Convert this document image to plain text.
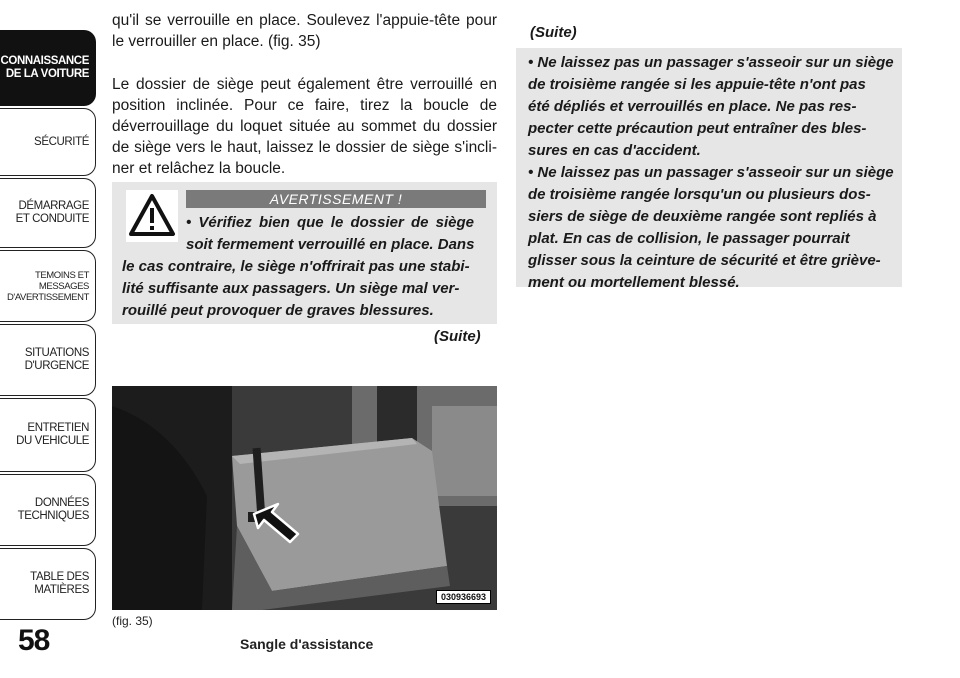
CONNAISSANCE
DE LA VOITURE
SÉCURITÉ
DÉMARRAGE
ET CONDUITE
TEMOINS ET
MESSAGES
D'AVERTISSEMENT
SITUATIONS
D'URGENCE
ENTRETIEN
DU VEHICULE
DONNÉES
TECHNIQUES
TABLE DES
MATIÈRES
58

qu'il se verrouille en place. Soulevez l'appuie-tête pour le verrouiller en place. (fig. 35)

Le dossier de siège peut également être verrouillé en position inclinée. Pour ce faire, tirez la boucle de déverrouillage du loquet située au sommet du dossier de siège vers le haut, laissez le dossier de siège s'incli-ner et relâchez la boucle.

AVERTISSEMENT !

• Vérifiez bien que le dossier de siège

soit fermement verrouillé en place. Dans

le cas contraire, le siège n'offrirait pas une stabi-

lité suffisante aux passagers. Un siège mal ver-

rouillé peut provoquer de graves blessures.

(Suite)
(Suite)

• Ne laissez pas un passager s'asseoir sur un siège

de troisième rangée si les appuie-tête n'ont pas

été dépliés et verrouillés en place. Ne pas res-

pecter cette précaution peut entraîner des bles-

sures en cas d'accident.

• Ne laissez pas un passager s'asseoir sur un siège

de troisième rangée lorsqu'un ou plusieurs dos-

siers de siège de deuxième rangée sont repliés à

plat. En cas de collision, le passager pourrait

glisser sous la ceinture de sécurité et être griève-

ment ou mortellement blessé.

030936693
(fig. 35)
Sangle d'assistance
